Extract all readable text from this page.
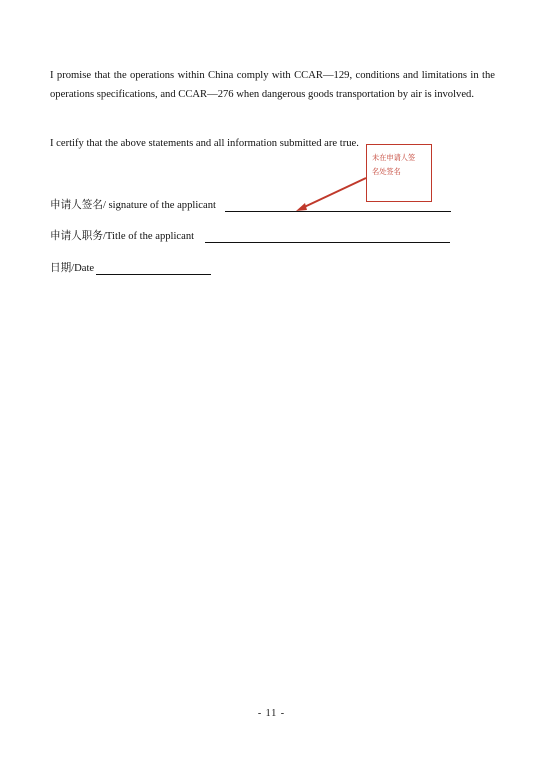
I promise that the operations within China comply with CCAR—129, conditions and limitations in the operations specifications, and CCAR—276 when dangerous goods transportation by air is involved.

I certify that the above statements and all information submitted are true.

申请人签名/ signature of the applicant
申请人职务/Title of the applicant
日期/Date
未在申请人签
名处签名
- 11 -
